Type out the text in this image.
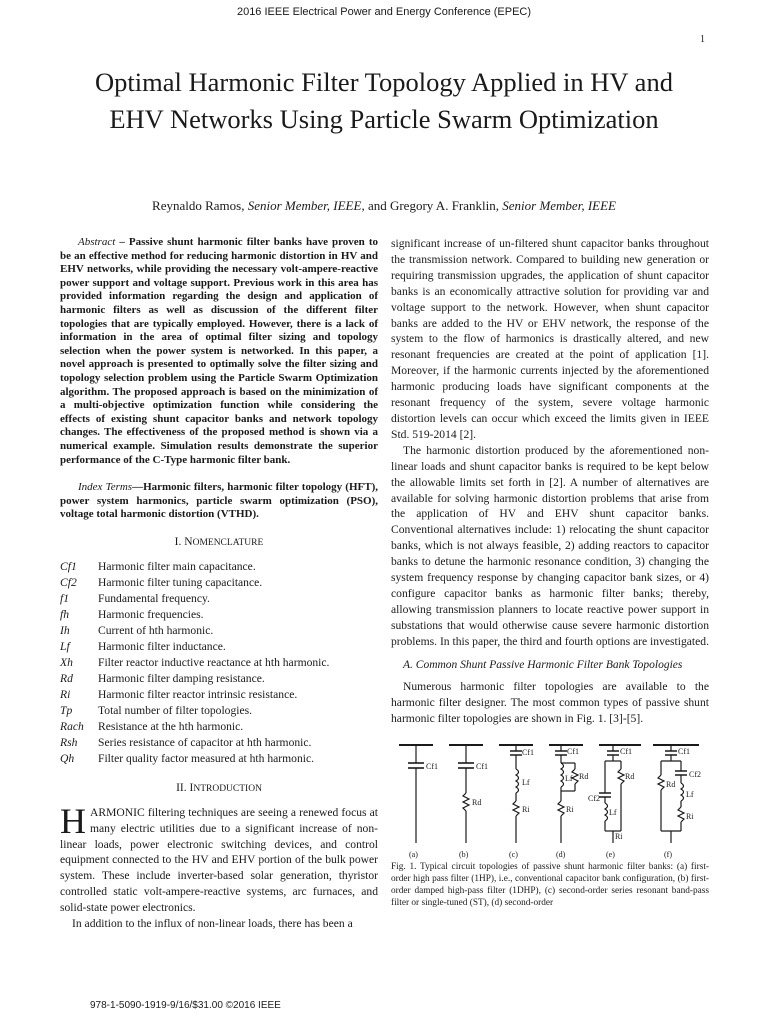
2016 IEEE Electrical Power and Energy Conference (EPEC)
1
Optimal Harmonic Filter Topology Applied in HV and EHV Networks Using Particle Swarm Optimization
Reynaldo Ramos, Senior Member, IEEE, and Gregory A. Franklin, Senior Member, IEEE

Abstract – Passive shunt harmonic filter banks have proven to be an effective method for reducing harmonic distortion in HV and EHV networks, while providing the necessary volt-ampere-reactive power support and voltage support. Previous work in this area has provided information regarding the design and application of harmonic filters as well as discussion of the different filter topologies that are typically employed. However, there is a lack of information in the area of optimal filter sizing and topology selection when the power system is networked. In this paper, a novel approach is presented to optimally solve the filter sizing and topology selection problem using the Particle Swarm Optimization algorithm. The proposed approach is based on the minimization of a multi-objective optimization function while considering the effects of existing shunt capacitor banks and network topology changes. The effectiveness of the proposed method is shown via a numerical example. Simulation results demonstrate the superior performance of the C-Type harmonic filter bank.

Index Terms—Harmonic filters, harmonic filter topology (HFT), power system harmonics, particle swarm optimization (PSO), voltage total harmonic distortion (VTHD).

I. NOMENCLATURE
Cf1	Harmonic filter main capacitance.
Cf2	Harmonic filter tuning capacitance.
f1	Fundamental frequency.
fh	Harmonic frequencies.
Ih	Current of hth harmonic.
Lf	Harmonic filter inductance.
Xh	Filter reactor inductive reactance at hth harmonic.
Rd	Harmonic filter damping resistance.
Ri	Harmonic filter reactor intrinsic resistance.
Tp	Total number of filter topologies.
Rach	Resistance at the hth harmonic.
Rsh	Series resistance of capacitor at hth harmonic.
Qh	Filter quality factor measured at hth harmonic.
II. INTRODUCTION

HARMONIC filtering techniques are seeing a renewed focus at many electric utilities due to a significant increase of non-linear loads, power electronic switching devices, and control equipment connected to the HV and EHV portion of the bulk power system. These include inverter-based solar generation, thyristor controlled static volt-ampere-reactive systems, arc furnaces, and solid-state power electronics.

In addition to the influx of non-linear loads, there has been a

significant increase of un-filtered shunt capacitor banks throughout the transmission network. Compared to building new generation or requiring transmission upgrades, the application of shunt capacitor banks is an economically attractive solution for providing var and voltage support to the network. However, when shunt capacitor banks are added to the HV or EHV network, the response of the system to the flow of harmonics is drastically altered, and new resonant frequencies are created at the point of application [1]. Moreover, if the harmonic currents injected by the aforementioned harmonic producing loads have significant components at the resonant frequency of the system, severe voltage harmonic distortion levels can occur which exceed the limits given in IEEE Std. 519-2014 [2].

The harmonic distortion produced by the aforementioned non-linear loads and shunt capacitor banks is required to be kept below the allowable limits set forth in [2]. A number of alternatives are available for solving harmonic distortion problems that arise from the application of HV and EHV shunt capacitor banks. Conventional alternatives include: 1) relocating the shunt capacitor banks, which is not always feasible, 2) adding reactors to capacitor banks to detune the harmonic resonance condition, 3) changing the system frequency response by changing capacitor bank sizes, or 4) configure capacitor banks as harmonic filter banks; thereby, allowing transmission planners to locate reactive power support in substations that would otherwise cause severe harmonic distortion problems. In this paper, the third and fourth options are investigated.

A. Common Shunt Passive Harmonic Filter Bank Topologies

Numerous harmonic filter topologies are available to the harmonic filter designer. The most common types of passive shunt harmonic filter topologies are shown in Fig. 1. [3]-[5].

Cf1
(a)
Cf1
Rd
(b)
Cf1
Lf
Ri
(c)
Cf1
Lf Rd
Ri
(d)
Cf1
Rd
Cf2
Lf
Ri
(e)
Cf1
Cf2
Rd
Lf
Ri
(f)

Fig. 1. Typical circuit topologies of passive shunt harmonic filter banks: (a) first-order high pass filter (1HP), i.e., conventional capacitor bank configuration, (b) first-order damped high-pass filter (1DHP), (c) second-order series resonant band-pass filter or single-tuned (ST), (d) second-order

978-1-5090-1919-9/16/$31.00 ©2016 IEEE
